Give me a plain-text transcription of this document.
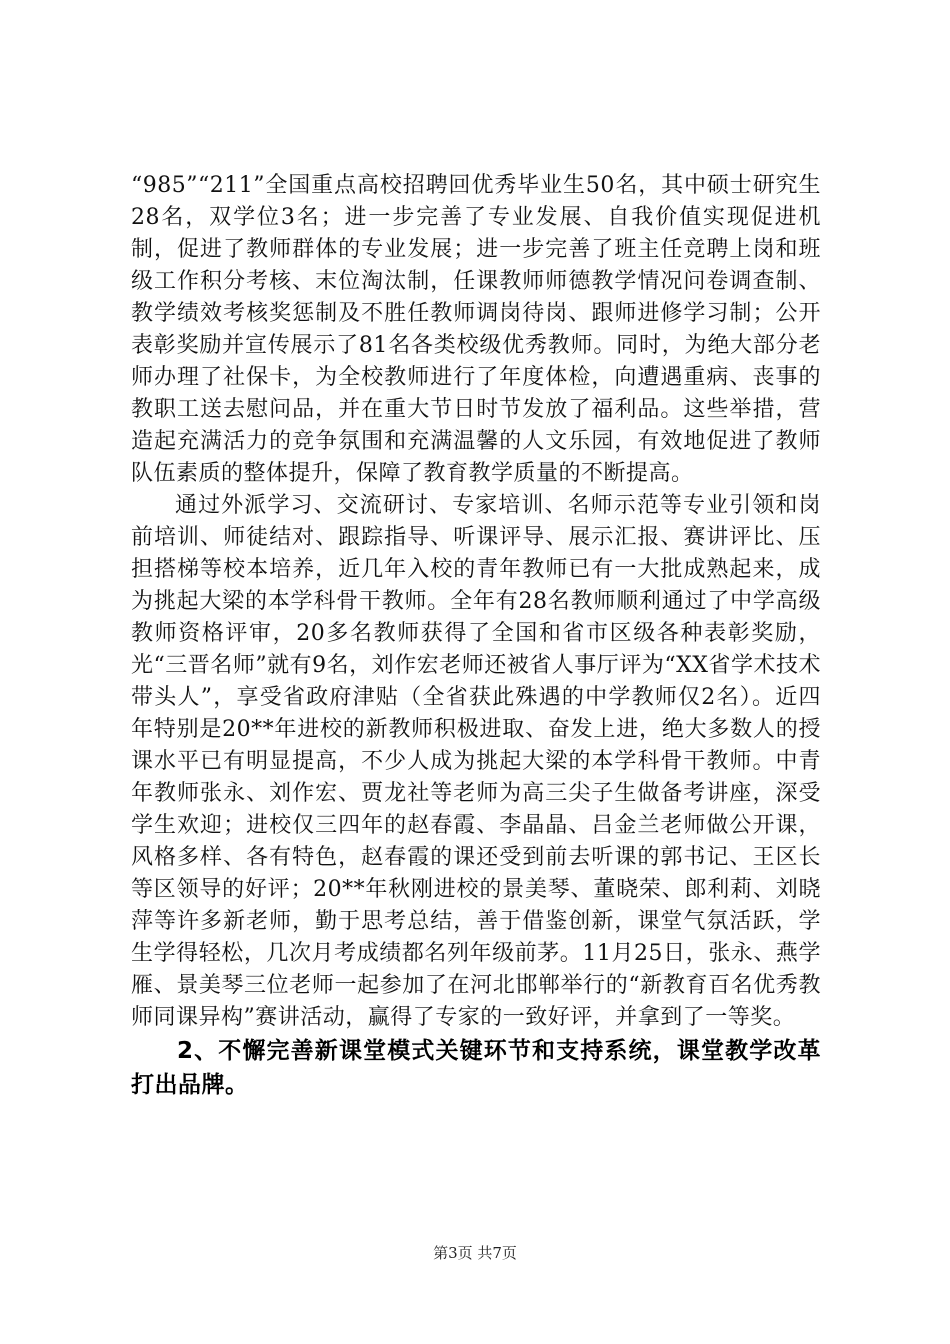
“985”“211”全国重点高校招聘回优秀毕业生50名，其中硕士研究生28名，双学位3名；进一步完善了专业发展、自我价值实现促进机制，促进了教师群体的专业发展；进一步完善了班主任竞聘上岗和班级工作积分考核、末位淘汰制，任课教师师德教学情况问卷调查制、教学绩效考核奖惩制及不胜任教师调岗待岗、跟师进修学习制；公开表彰奖励并宣传展示了81名各类校级优秀教师。同时，为绝大部分老师办理了社保卡，为全校教师进行了年度体检，向遭遇重病、丧事的教职工送去慰问品，并在重大节日时节发放了福利品。这些举措，营造起充满活力的竞争氛围和充满温馨的人文乐园，有效地促进了教师队伍素质的整体提升，保障了教育教学质量的不断提高。

通过外派学习、交流研讨、专家培训、名师示范等专业引领和岗前培训、师徒结对、跟踪指导、听课评导、展示汇报、赛讲评比、压担搭梯等校本培养，近几年入校的青年教师已有一大批成熟起来，成为挑起大梁的本学科骨干教师。全年有28名教师顺利通过了中学高级教师资格评审，20多名教师获得了全国和省市区级各种表彰奖励，光“三晋名师”就有9名，刘作宏老师还被省人事厅评为“XX省学术技术带头人”，享受省政府津贴（全省获此殊遇的中学教师仅2名）。近四年特别是20**年进校的新教师积极进取、奋发上进，绝大多数人的授课水平已有明显提高，不少人成为挑起大梁的本学科骨干教师。中青年教师张永、刘作宏、贾龙社等老师为高三尖子生做备考讲座，深受学生欢迎；进校仅三四年的赵春霞、李晶晶、吕金兰老师做公开课，风格多样、各有特色，赵春霞的课还受到前去听课的郭书记、王区长等区领导的好评；20**年秋刚进校的景美琴、董晓荣、郎利莉、刘晓萍等许多新老师，勤于思考总结，善于借鉴创新，课堂气氛活跃，学生学得轻松，几次月考成绩都名列年级前茅。11月25日，张永、燕学雁、景美琴三位老师一起参加了在河北邯郸举行的“新教育百名优秀教师同课异构”赛讲活动，赢得了专家的一致好评，并拿到了一等奖。

2、不懈完善新课堂模式关键环节和支持系统，课堂教学改革打出品牌。

第3页 共7页
